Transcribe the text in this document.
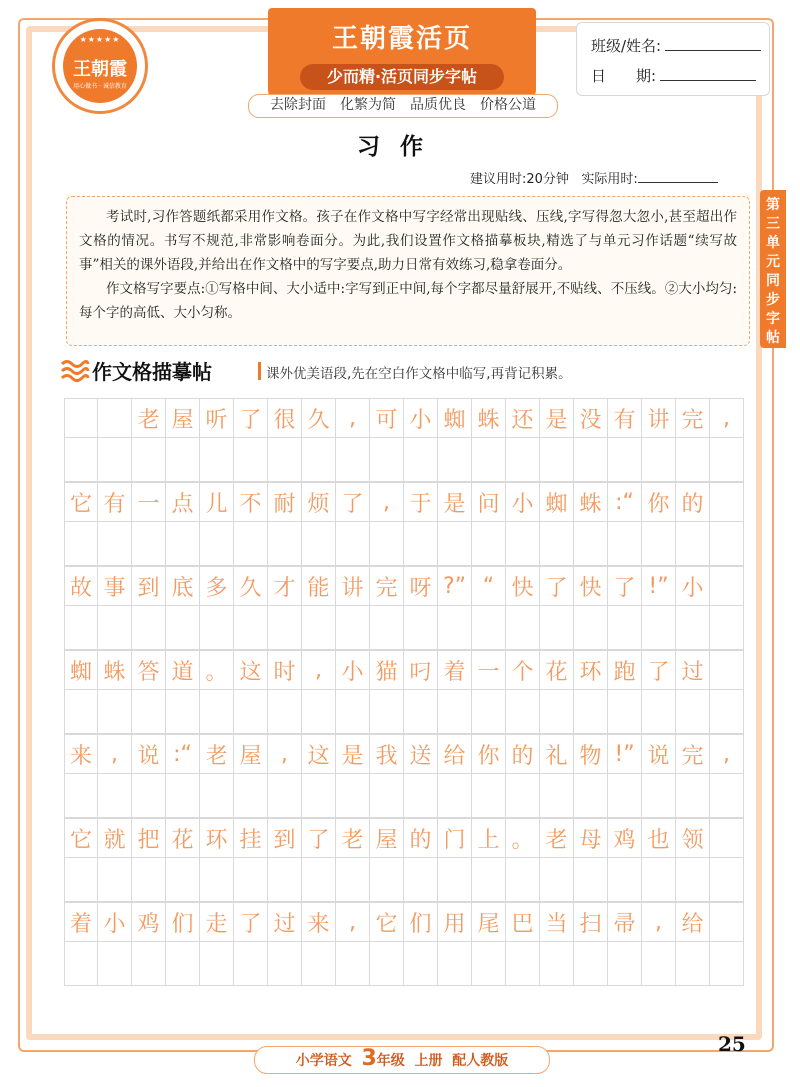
★★★★★
王朝霞
用心做书 · 诚信教育
王朝霞活页
少而精·活页同步字帖
班级/姓名:
日　　期:
去除封面　化繁为简　品质优良　价格公道
习作
建议用时:20分钟 实际用时:
第
三
单
元
同
步
字
帖

考试时,习作答题纸都采用作文格。孩子在作文格中写字经常出现贴线、压线,字写得忽大忽小,甚至超出作文格的情况。书写不规范,非常影响卷面分。为此,我们设置作文格描摹板块,精选了与单元习作话题“续写故事”相关的课外语段,并给出在作文格中的写字要点,助力日常有效练习,稳拿卷面分。

作文格写字要点:①写格中间、大小适中:字写到正中间,每个字都尽量舒展开,不贴线、不压线。②大小均匀:每个字的高低、大小匀称。

作文格描摹帖	课外优美语段,先在空白作文格中临写,再背记积累。
老 屋 听 了 很 久 , 可 小 蜘 蛛 还 是 没 有 讲 完 ,
它 有 一 点 儿 不 耐 烦 了 , 于 是 问 小 蜘 蛛 :“ 你 的
故 事 到 底 多 久 才 能 讲 完 呀 ?” “ 快 了 快 了 !” 小
蜘 蛛 答 道 。 这 时 , 小 猫 叼 着 一 个 花 环 跑 了 过
来 , 说 :“ 老 屋 , 这 是 我 送 给 你 的 礼 物 !” 说 完 ,
它 就 把 花 环 挂 到 了 老 屋 的 门 上 。 老 母 鸡 也 领
着 小 鸡 们 走 了 过 来 , 它 们 用 尾 巴 当 扫 帚 , 给
小学语文 3年级 上册 配人教版
25
